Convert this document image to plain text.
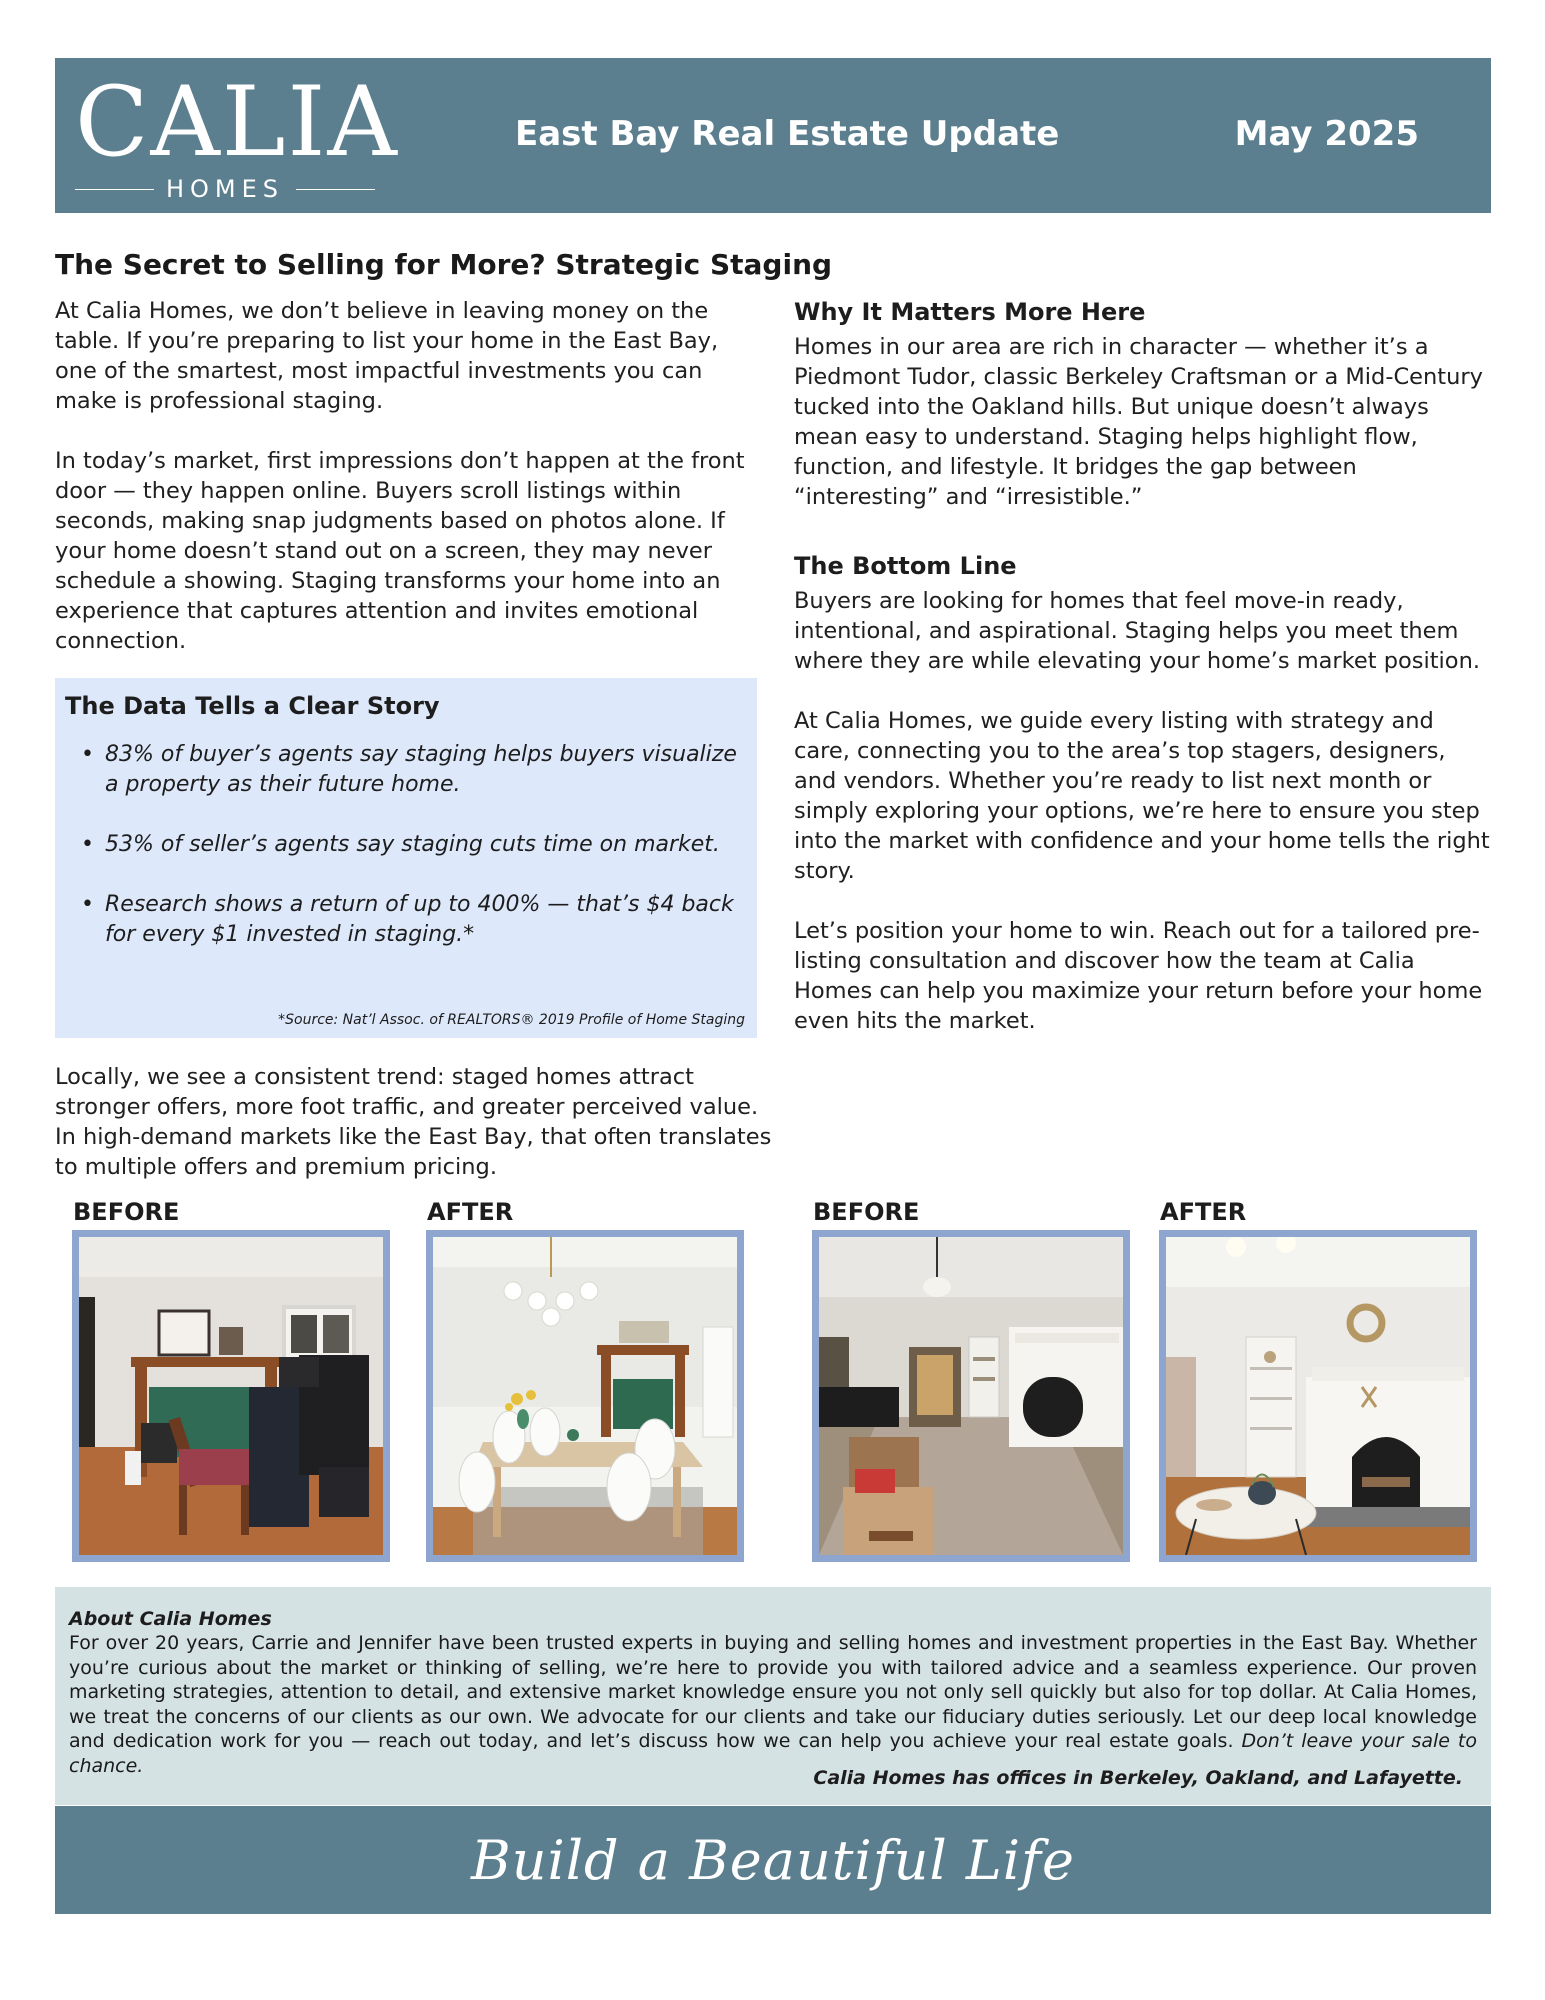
CALIA
HOMES
East Bay Real Estate Update	May 2025
The Secret to Selling for More? Strategic Staging

At Calia Homes, we don’t believe in leaving money on the table. If you’re preparing to list your home in the East Bay, one of the smartest, most impactful investments you can make is professional staging.

In today’s market, first impressions don’t happen at the front door — they happen online. Buyers scroll listings within seconds, making snap judgments based on photos alone. If your home doesn’t stand out on a screen, they may never schedule a showing. Staging transforms your home into an experience that captures attention and invites emotional connection.

The Data Tells a Clear Story
• 83% of buyer’s agents say staging helps buyers visualize a property as their future home.
• 53% of seller’s agents say staging cuts time on market.
• Research shows a return of up to 400% — that’s $4 back for every $1 invested in staging.*
*Source: Nat’l Assoc. of REALTORS® 2019 Profile of Home Staging

Locally, we see a consistent trend: staged homes attract stronger offers, more foot traffic, and greater perceived value. In high-demand markets like the East Bay, that often translates to multiple offers and premium pricing.

Why It Matters More Here

Homes in our area are rich in character — whether it’s a Piedmont Tudor, classic Berkeley Craftsman or a Mid-Century tucked into the Oakland hills. But unique doesn’t always mean easy to understand. Staging helps highlight flow, function, and lifestyle. It bridges the gap between “interesting” and “irresistible.”

The Bottom Line

Buyers are looking for homes that feel move-in ready, intentional, and aspirational. Staging helps you meet them where they are while elevating your home’s market position.

At Calia Homes, we guide every listing with strategy and care, connecting you to the area’s top stagers, designers, and vendors. Whether you’re ready to list next month or simply exploring your options, we’re here to ensure you step into the market with confidence and your home tells the right story.

Let’s position your home to win. Reach out for a tailored pre-listing consultation and discover how the team at Calia Homes can help you maximize your return before your home even hits the market.

BEFORE	AFTER	BEFORE	AFTER
About Calia Homes

For over 20 years, Carrie and Jennifer have been trusted experts in buying and selling homes and investment properties in the East Bay. Whether you’re curious about the market or thinking of selling, we’re here to provide you with tailored advice and a seamless experience. Our proven marketing strategies, attention to detail, and extensive market knowledge ensure you not only sell quickly but also for top dollar. At Calia Homes, we treat the concerns of our clients as our own. We advocate for our clients and take our fiduciary duties seriously. Let our deep local knowledge and dedication work for you — reach out today, and let’s discuss how we can help you achieve your real estate goals. Don’t leave your sale to chance.

Calia Homes has offices in Berkeley, Oakland, and Lafayette.
Build a Beautiful Life
